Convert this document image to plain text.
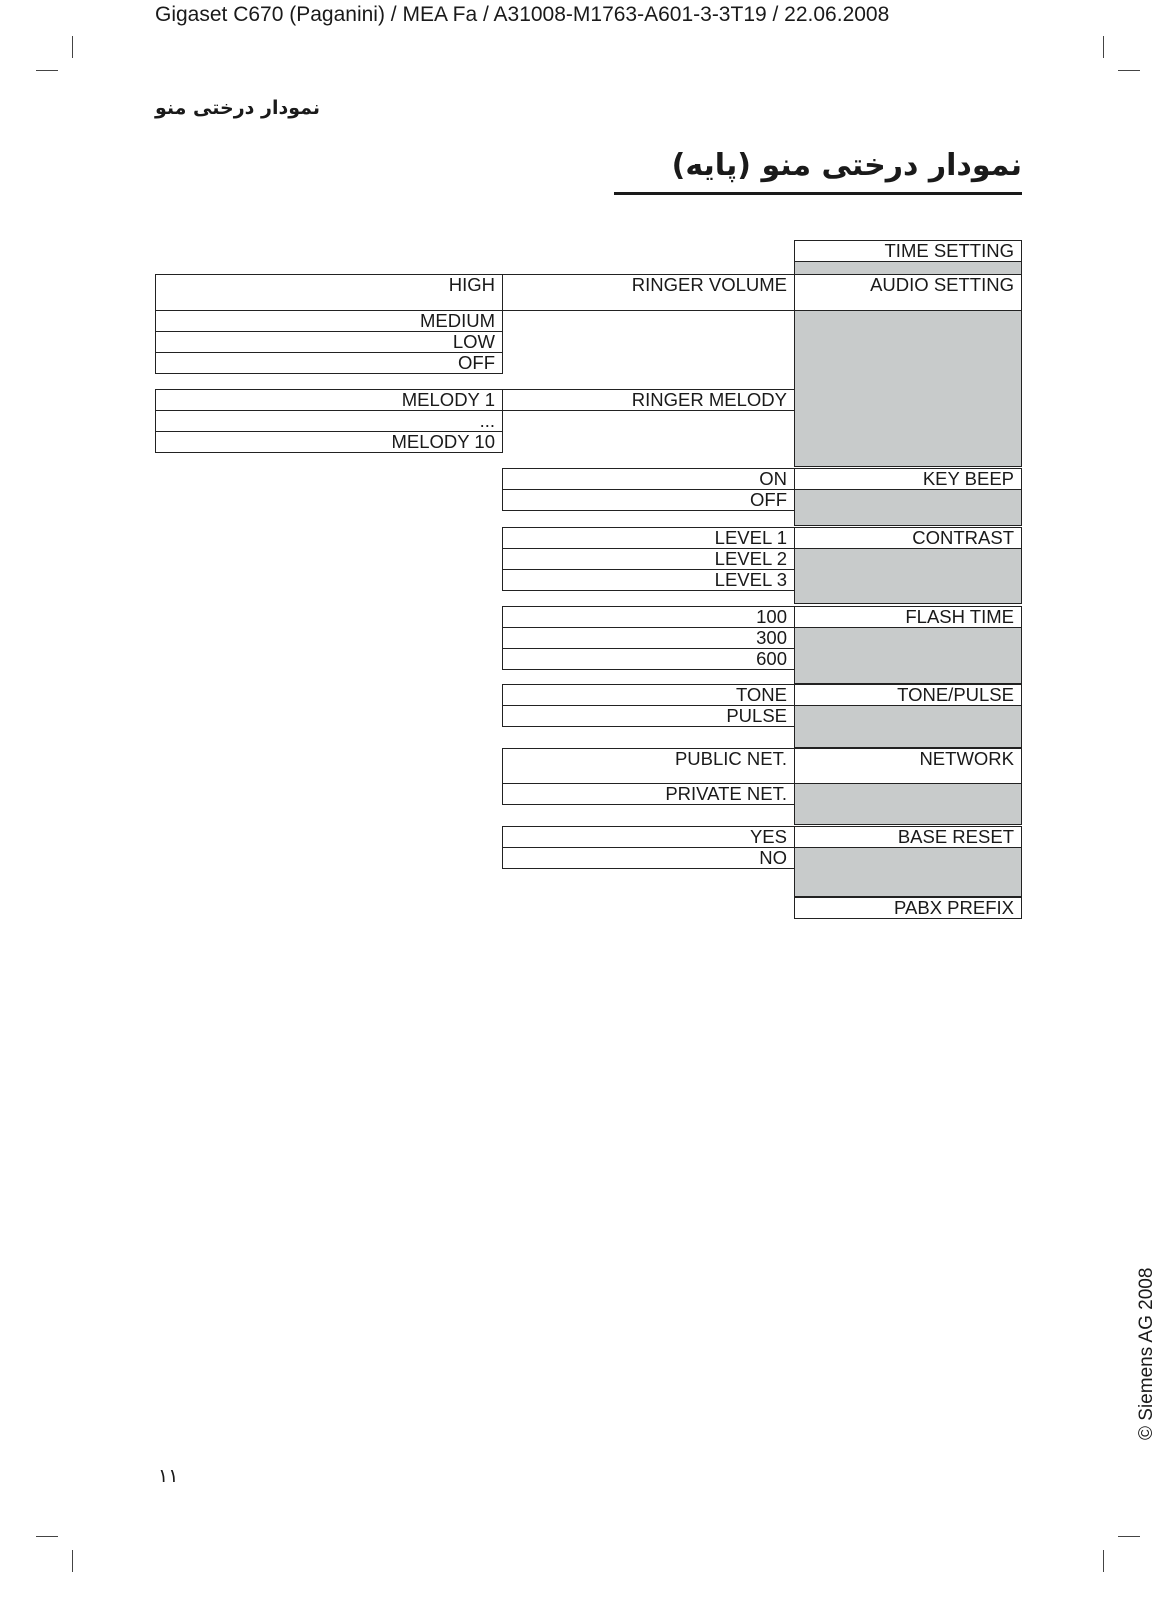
Gigaset C670 (Paganini) / MEA Fa / A31008-M1763-A601-3-3T19 / 22.06.2008
نمودار درختی منو
نمودار درختی منو (پایه)
TIME SETTING
AUDIO SETTING
KEY BEEP
CONTRAST
FLASH TIME
TONE/PULSE
NETWORK
BASE RESET
PABX PREFIX
RINGER VOLUME
RINGER MELODY
ON
OFF
LEVEL 1
LEVEL 2
LEVEL 3
100
300
600
TONE
PULSE
PUBLIC NET.
PRIVATE NET.
YES
NO
HIGH
MEDIUM
LOW
OFF
MELODY 1
...
MELODY 10
© Siemens AG 2008
۱۱
